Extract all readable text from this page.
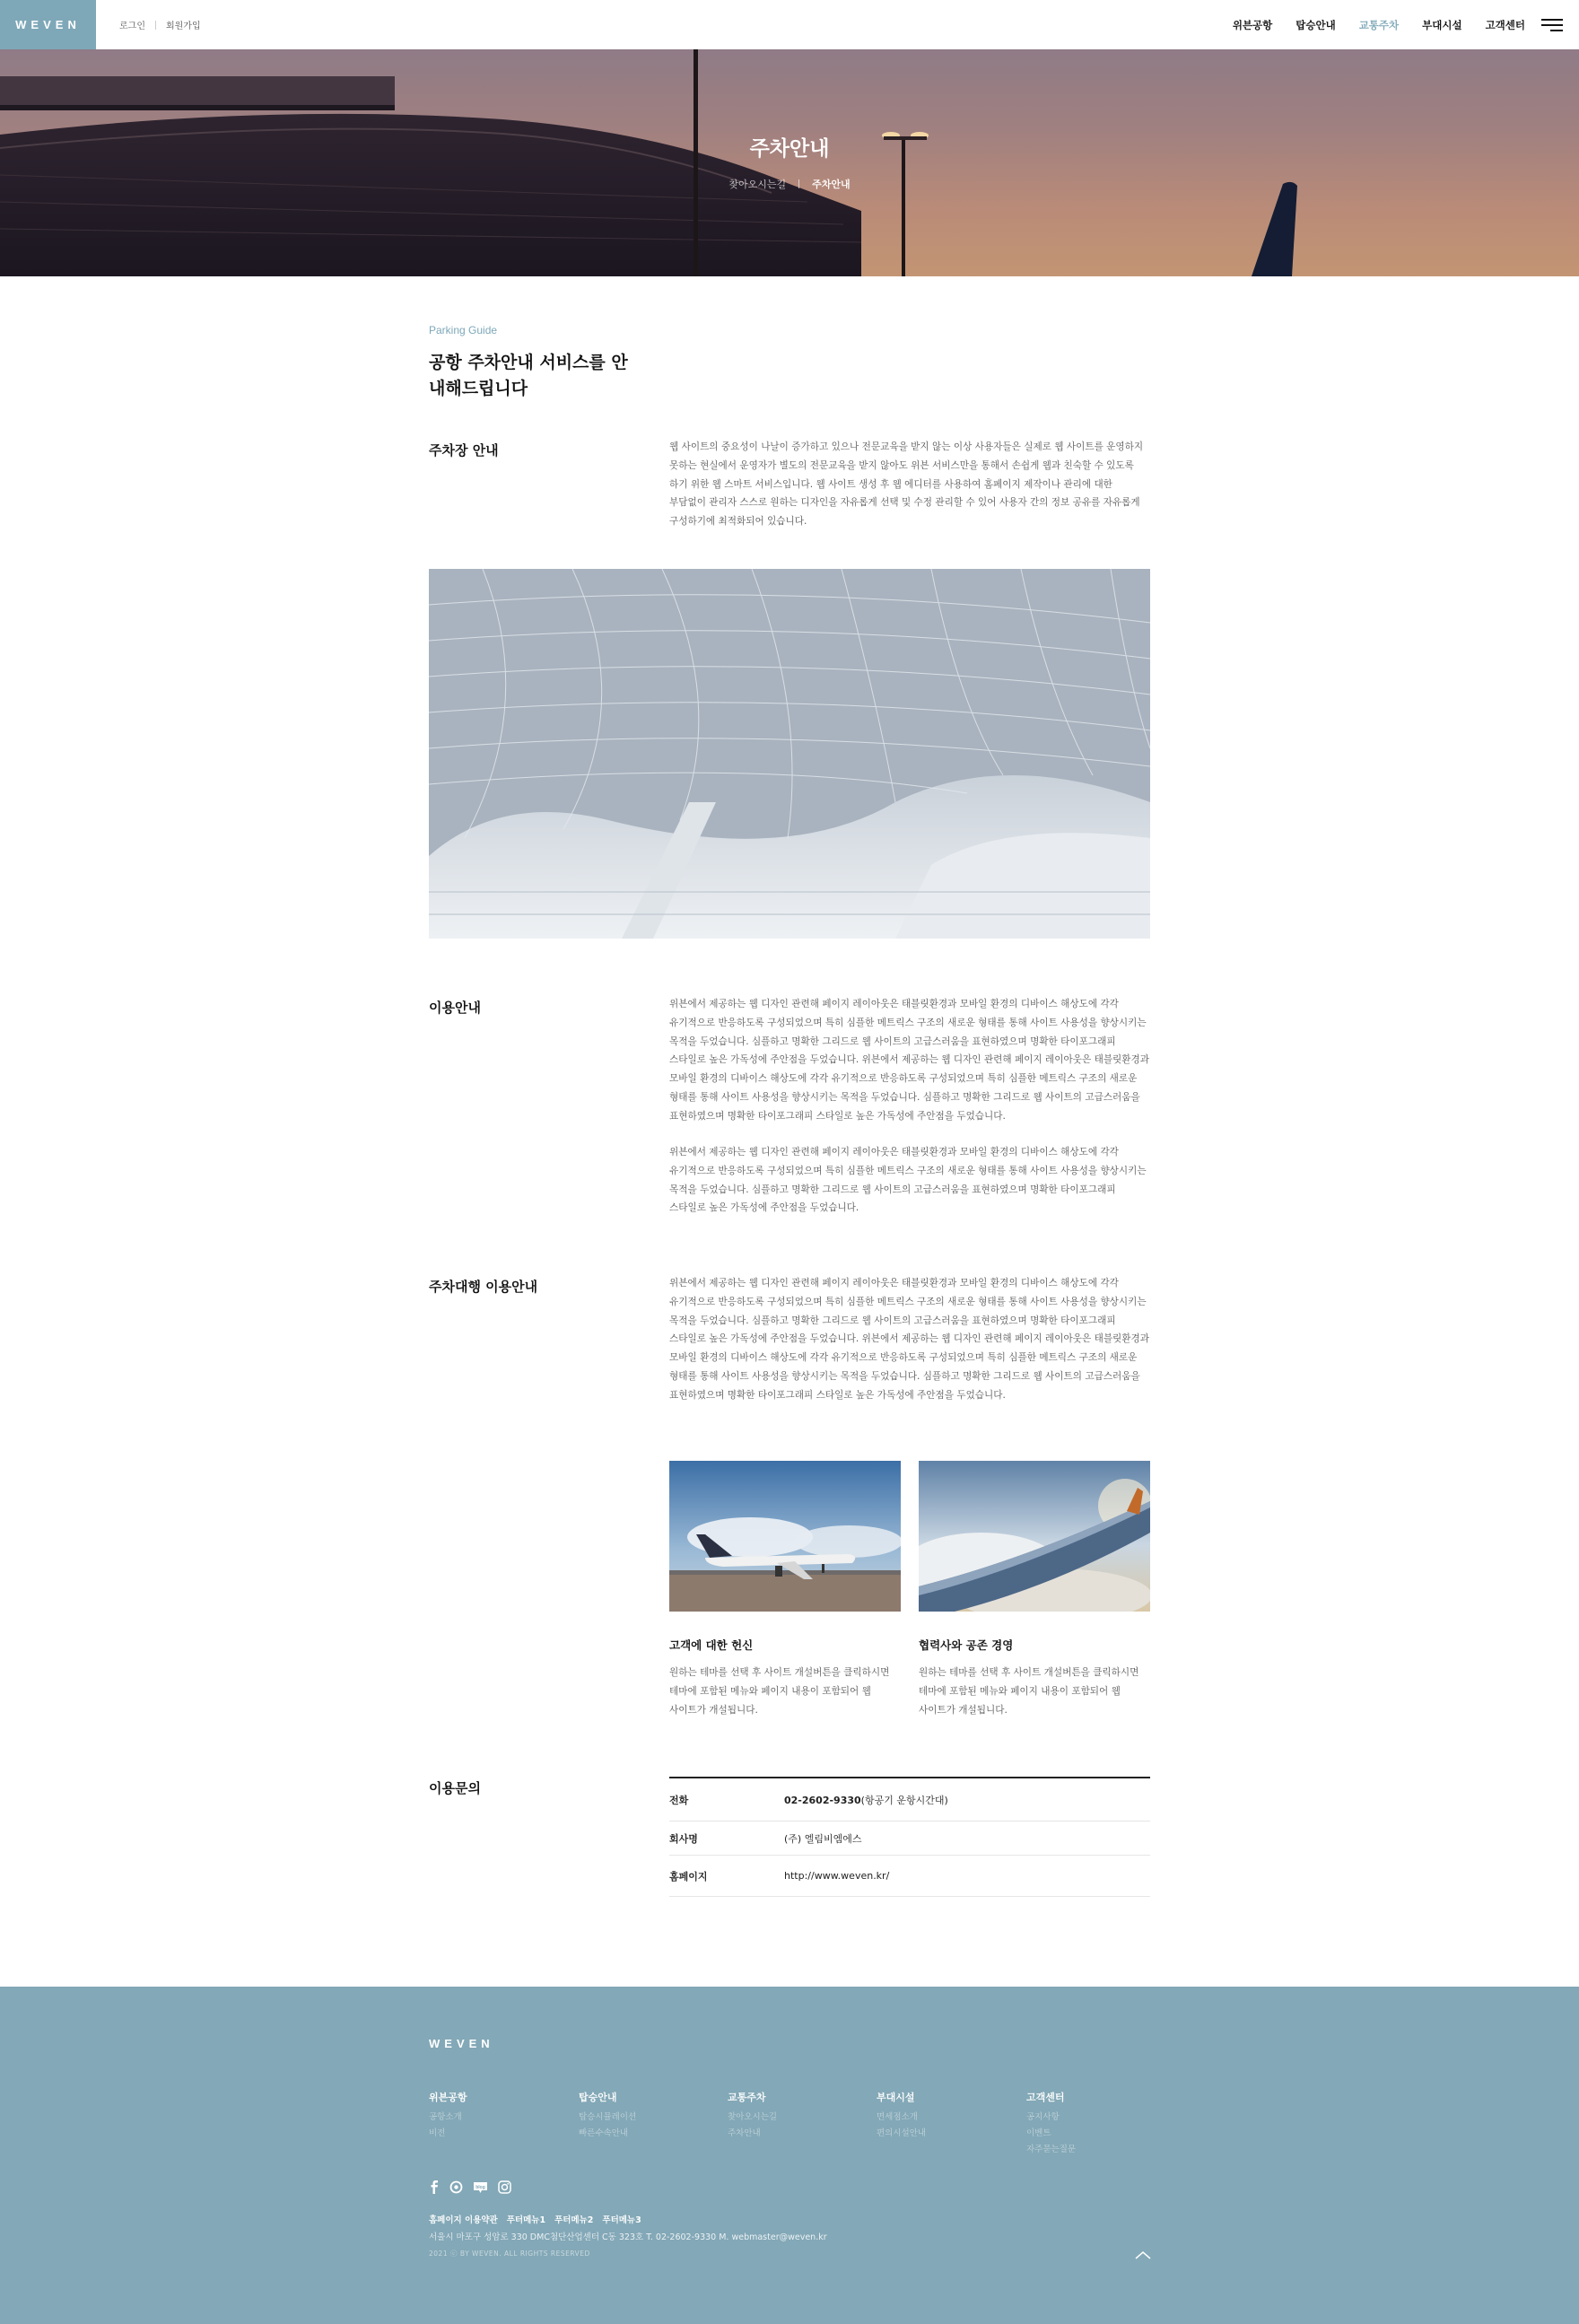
WEVEN	로그인 회원가입	위븐공항 탑승안내 교통주차 부대시설 고객센터
주차안내
찾아오시는길	주차안내
Parking Guide
공항 주차안내 서비스를 안내해드립니다
주차장 안내	웹 사이트의 중요성이 나날이 증가하고 있으나 전문교육을 받지 않는 이상 사용자들은 실제로 웹 사이트를 운영하지 못하는 현실에서 운영자가 별도의 전문교육을 받지 않아도 위븐 서비스만을 통해서 손쉽게 웹과 친숙할 수 있도록 하기 위한 웹 스마트 서비스입니다. 웹 사이트 생성 후 웹 에디터를 사용하여 홈페이지 제작이나 관리에 대한 부담없이 관리자 스스로 원하는 디자인을 자유롭게 선택 및 수정 관리할 수 있어 사용자 간의 정보 공유를 자유롭게 구성하기에 최적화되어 있습니다.

이용안내	위븐에서 제공하는 웹 디자인 관련해 페이지 레이아웃은 태블릿환경과 모바일 환경의 디바이스 해상도에 각각 유기적으로 반응하도록 구성되었으며 특히 심플한 메트릭스 구조의 새로운 형태를 통해 사이트 사용성을 향상시키는 목적을 두었습니다. 심플하고 명확한 그리드로 웹 사이트의 고급스러움을 표현하였으며 명확한 타이포그래피 스타일로 높은 가독성에 주안점을 두었습니다. 위븐에서 제공하는 웹 디자인 관련해 페이지 레이아웃은 태블릿환경과 모바일 환경의 디바이스 해상도에 각각 유기적으로 반응하도록 구성되었으며 특히 심플한 메트릭스 구조의 새로운 형태를 통해 사이트 사용성을 향상시키는 목적을 두었습니다. 심플하고 명확한 그리드로 웹 사이트의 고급스러움을 표현하였으며 명확한 타이포그래피 스타일로 높은 가독성에 주안점을 두었습니다.

위븐에서 제공하는 웹 디자인 관련해 페이지 레이아웃은 태블릿환경과 모바일 환경의 디바이스 해상도에 각각 유기적으로 반응하도록 구성되었으며 특히 심플한 메트릭스 구조의 새로운 형태를 통해 사이트 사용성을 향상시키는 목적을 두었습니다. 심플하고 명확한 그리드로 웹 사이트의 고급스러움을 표현하였으며 명확한 타이포그래피 스타일로 높은 가독성에 주안점을 두었습니다.

주차대행 이용안내	위븐에서 제공하는 웹 디자인 관련해 페이지 레이아웃은 태블릿환경과 모바일 환경의 디바이스 해상도에 각각 유기적으로 반응하도록 구성되었으며 특히 심플한 메트릭스 구조의 새로운 형태를 통해 사이트 사용성을 향상시키는 목적을 두었습니다. 심플하고 명확한 그리드로 웹 사이트의 고급스러움을 표현하였으며 명확한 타이포그래피 스타일로 높은 가독성에 주안점을 두었습니다. 위븐에서 제공하는 웹 디자인 관련해 페이지 레이아웃은 태블릿환경과 모바일 환경의 디바이스 해상도에 각각 유기적으로 반응하도록 구성되었으며 특히 심플한 메트릭스 구조의 새로운 형태를 통해 사이트 사용성을 향상시키는 목적을 두었습니다. 심플하고 명확한 그리드로 웹 사이트의 고급스러움을 표현하였으며 명확한 타이포그래피 스타일로 높은 가독성에 주안점을 두었습니다.

고객에 대한 헌신

원하는 테마를 선택 후 사이트 개설버튼을 클릭하시면 테마에 포함된 메뉴와 페이지 내용이 포함되어 웹 사이트가 개설됩니다.

협력사와 공존 경영

원하는 테마를 선택 후 사이트 개설버튼을 클릭하시면 테마에 포함된 메뉴와 페이지 내용이 포함되어 웹 사이트가 개설됩니다.

이용문의
전화	02-2602-9330(항공기 운항시간대)
회사명	(주) 엘림비엠에스
홈페이지	http://www.weven.kr/
WEVEN
위븐공항
공항소개
비전
탑승안내
탑승시뮬레이션
빠른수속안내
교통주차
찾아오시는길
주차안내
부대시설
면세점소개
편의시설안내
고객센터
공지사항
이벤트
자주묻는질문
blog
홈페이지 이용약관 푸터메뉴1 푸터메뉴2 푸터메뉴3
서울시 마포구 성암로 330 DMC첨단산업센터 C동 323호 T. 02-2602-9330 M. webmaster@weven.kr
2021 ⓒ BY WEVEN. ALL RIGHTS RESERVED
